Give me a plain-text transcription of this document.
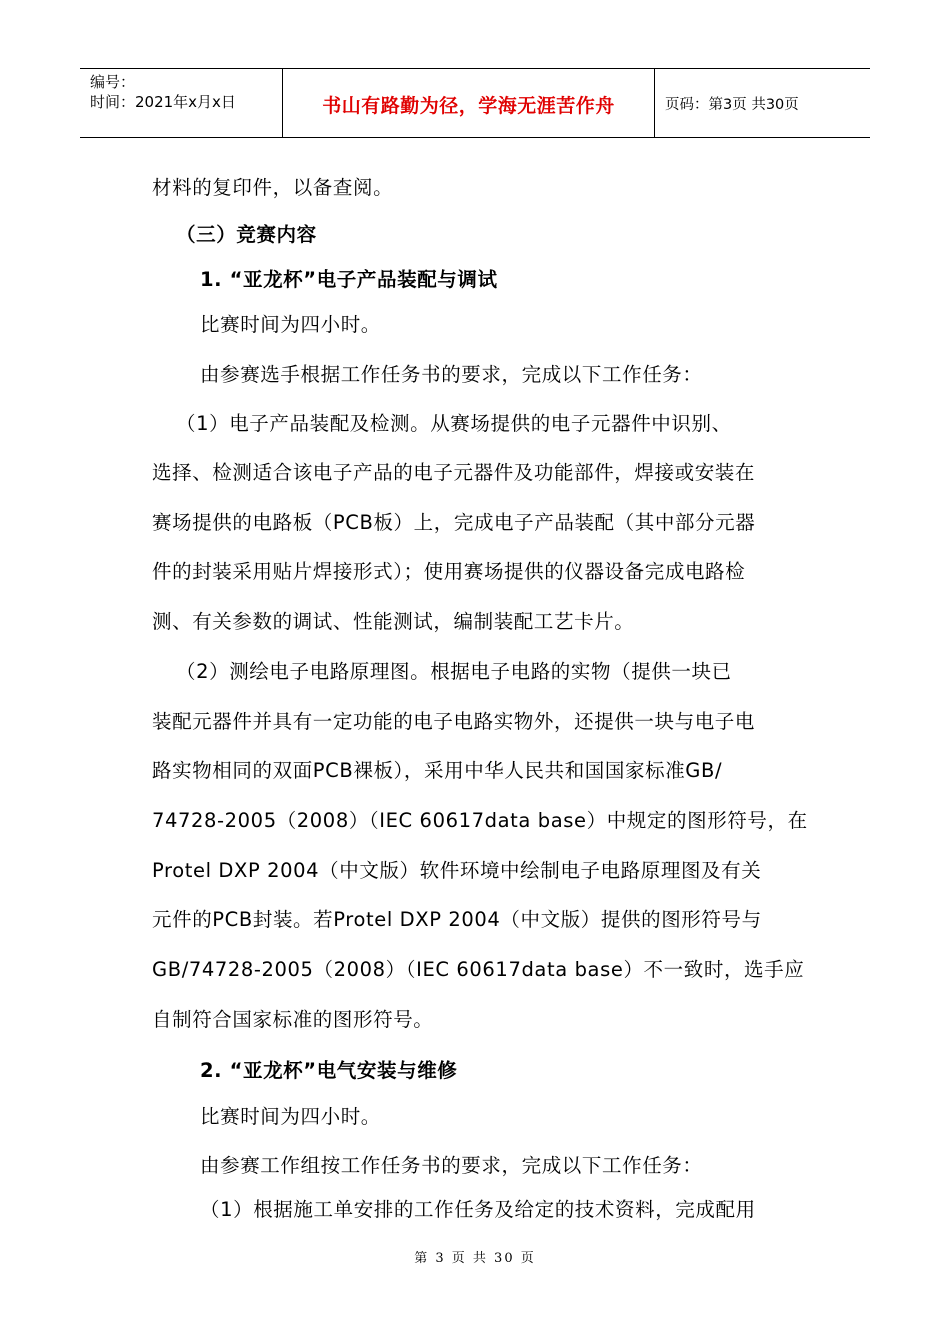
编号：
时间：2021年x月x日	书山有路勤为径，学海无涯苦作舟	页码：第3页 共30页
材料的复印件，以备查阅。
（三）竞赛内容
1. “亚龙杯”电子产品装配与调试
比赛时间为四小时。
由参赛选手根据工作任务书的要求，完成以下工作任务：
（1）电子产品装配及检测。从赛场提供的电子元器件中识别、
选择、检测适合该电子产品的电子元器件及功能部件，焊接或安装在
赛场提供的电路板（PCB板）上，完成电子产品装配（其中部分元器
件的封装采用贴片焊接形式）；使用赛场提供的仪器设备完成电路检
测、有关参数的调试、性能测试，编制装配工艺卡片。
（2）测绘电子电路原理图。根据电子电路的实物（提供一块已
装配元器件并具有一定功能的电子电路实物外，还提供一块与电子电
路实物相同的双面PCB裸板），采用中华人民共和国国家标准GB/
74728-2005（2008）（IEC 60617data base）中规定的图形符号，在
Protel DXP 2004（中文版）软件环境中绘制电子电路原理图及有关
元件的PCB封装。若Protel DXP 2004（中文版）提供的图形符号与
GB/74728-2005（2008）（IEC 60617data base）不一致时，选手应
自制符合国家标准的图形符号。
2. “亚龙杯”电气安装与维修
比赛时间为四小时。
由参赛工作组按工作任务书的要求，完成以下工作任务：
（1）根据施工单安排的工作任务及给定的技术资料，完成配用
第 3 页 共 30 页
